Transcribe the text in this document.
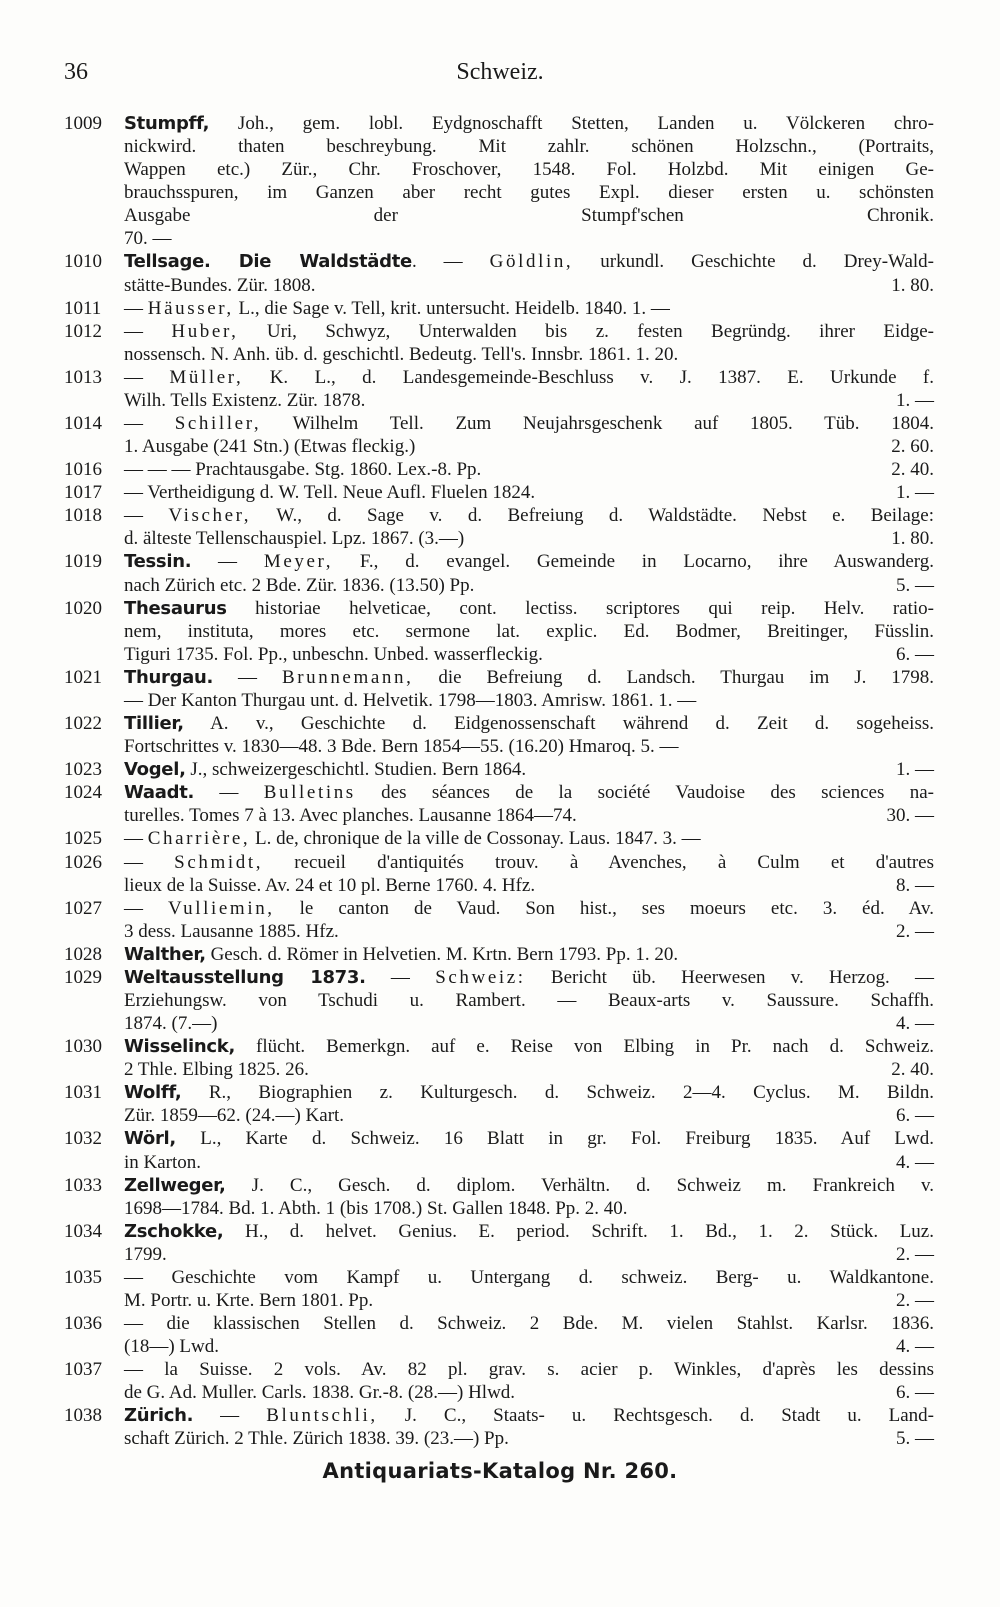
36	Schweiz.
1009 Stumpff, Joh., gem. lobl. Eydgnoschafft Stetten, Landen u. Völckeren chro-
nickwird. thaten beschreybung. Mit zahlr. schönen Holzschn., (Portraits,
Wappen etc.) Zür., Chr. Froschover, 1548. Fol. Holzbd. Mit einigen Ge-
brauchsspuren, im Ganzen aber recht gutes Expl. dieser ersten u. schönsten
Ausgabe der Stumpf'schen Chronik.
70. —
1010 Tellsage. Die Waldstädte. — Göldlin, urkundl. Geschichte d. Drey-Wald-
stätte-Bundes. Zür. 1808.	1. 80.
1011 — Häusser, L., die Sage v. Tell, krit. untersucht. Heidelb. 1840. 1. —
1012 — Huber, Uri, Schwyz, Unterwalden bis z. festen Begründg. ihrer Eidge-
nossensch. N. Anh. üb. d. geschichtl. Bedeutg. Tell's. Innsbr. 1861. 1. 20.
1013 — Müller, K. L., d. Landesgemeinde-Beschluss v. J. 1387. E. Urkunde f.
Wilh. Tells Existenz. Zür. 1878.	1. —
1014 — Schiller, Wilhelm Tell. Zum Neujahrsgeschenk auf 1805. Tüb. 1804.
1. Ausgabe (241 Stn.) (Etwas fleckig.)	2. 60.
1016 — — — Prachtausgabe. Stg. 1860. Lex.-8. Pp.	2. 40.
1017 — Vertheidigung d. W. Tell. Neue Aufl. Fluelen 1824.	1. —
1018 — Vischer, W., d. Sage v. d. Befreiung d. Waldstädte. Nebst e. Beilage:
d. älteste Tellenschauspiel. Lpz. 1867. (3.—)	1. 80.
1019 Tessin. — Meyer, F., d. evangel. Gemeinde in Locarno, ihre Auswanderg.
nach Zürich etc. 2 Bde. Zür. 1836. (13.50) Pp.	5. —
1020 Thesaurus historiae helveticae, cont. lectiss. scriptores qui reip. Helv. ratio-
nem, instituta, mores etc. sermone lat. explic. Ed. Bodmer, Breitinger, Füsslin.
Tiguri 1735. Fol. Pp., unbeschn. Unbed. wasserfleckig.	6. —
1021 Thurgau. — Brunnemann, die Befreiung d. Landsch. Thurgau im J. 1798.
— Der Kanton Thurgau unt. d. Helvetik. 1798—1803. Amrisw. 1861. 1. —
1022 Tillier, A. v., Geschichte d. Eidgenossenschaft während d. Zeit d. sogeheiss.
Fortschrittes v. 1830—48. 3 Bde. Bern 1854—55. (16.20) Hmaroq. 5. —
1023 Vogel, J., schweizergeschichtl. Studien. Bern 1864.	1. —
1024 Waadt. — Bulletins des séances de la société Vaudoise des sciences na-
turelles. Tomes 7 à 13. Avec planches. Lausanne 1864—74.	30. —
1025 — Charrière, L. de, chronique de la ville de Cossonay. Laus. 1847. 3. —
1026 — Schmidt, recueil d'antiquités trouv. à Avenches, à Culm et d'autres
lieux de la Suisse. Av. 24 et 10 pl. Berne 1760. 4. Hfz.	8. —
1027 — Vulliemin, le canton de Vaud. Son hist., ses moeurs etc. 3. éd. Av.
3 dess. Lausanne 1885. Hfz.	2. —
1028 Walther, Gesch. d. Römer in Helvetien. M. Krtn. Bern 1793. Pp. 1. 20.
1029 Weltausstellung 1873. — Schweiz: Bericht üb. Heerwesen v. Herzog. —
Erziehungsw. von Tschudi u. Rambert. — Beaux-arts v. Saussure. Schaffh.
1874. (7.—)	4. —
1030 Wisselinck, flücht. Bemerkgn. auf e. Reise von Elbing in Pr. nach d. Schweiz.
2 Thle. Elbing 1825. 26.	2. 40.
1031 Wolff, R., Biographien z. Kulturgesch. d. Schweiz. 2—4. Cyclus. M. Bildn.
Zür. 1859—62. (24.—) Kart.	6. —
1032 Wörl, L., Karte d. Schweiz. 16 Blatt in gr. Fol. Freiburg 1835. Auf Lwd.
in Karton.	4. —
1033 Zellweger, J. C., Gesch. d. diplom. Verhältn. d. Schweiz m. Frankreich v.
1698—1784. Bd. 1. Abth. 1 (bis 1708.) St. Gallen 1848. Pp. 2. 40.
1034 Zschokke, H., d. helvet. Genius. E. period. Schrift. 1. Bd., 1. 2. Stück. Luz.
1799.	2. —
1035 — Geschichte vom Kampf u. Untergang d. schweiz. Berg- u. Waldkantone.
M. Portr. u. Krte. Bern 1801. Pp.	2. —
1036 — die klassischen Stellen d. Schweiz. 2 Bde. M. vielen Stahlst. Karlsr. 1836.
(18—) Lwd.	4. —
1037 — la Suisse. 2 vols. Av. 82 pl. grav. s. acier p. Winkles, d'après les dessins
de G. Ad. Muller. Carls. 1838. Gr.-8. (28.—) Hlwd.	6. —
1038 Zürich. — Bluntschli, J. C., Staats- u. Rechtsgesch. d. Stadt u. Land-
schaft Zürich. 2 Thle. Zürich 1838. 39. (23.—) Pp.	5. —
Antiquariats-Katalog Nr. 260.
